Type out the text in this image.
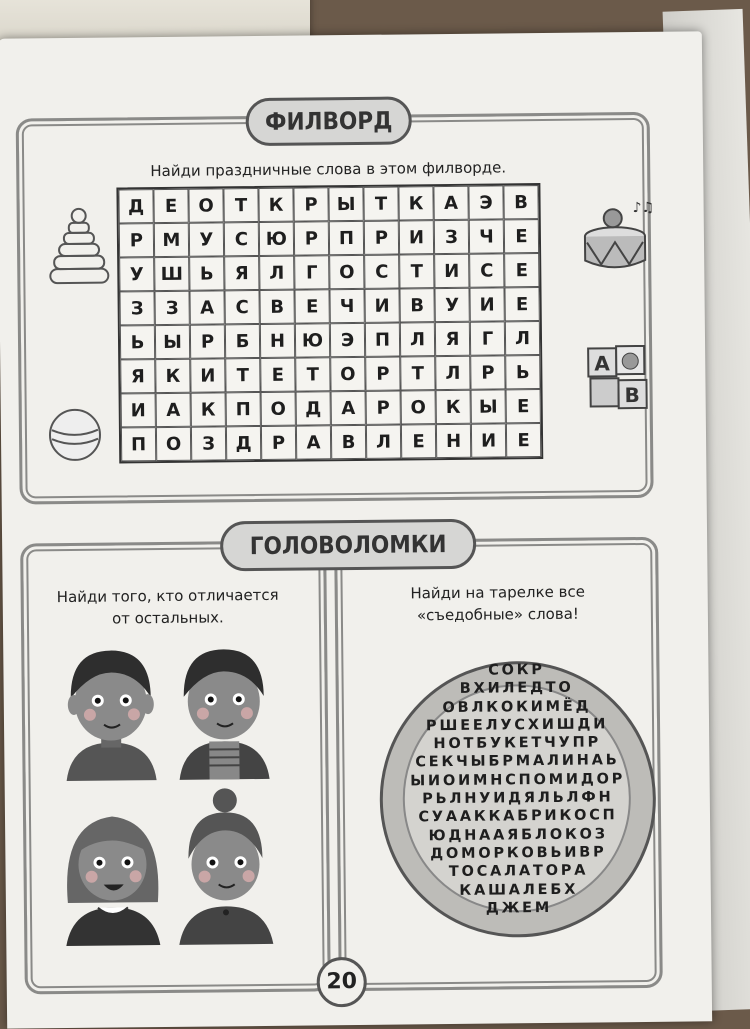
ФИЛВОРД
ГОЛОВОЛОМКИ
Найди праздничные слова в этом филворде.
Д	Е	О	Т	К	Р	Ы	Т	К	А	Э	В
Р	М	У	С Ю Р	П	Р	И	З	Ч	Е
У Ш Ь	Я	Л	Г	О	С	Т	И	С	Е
З	З	А	С	В	Е	Ч	И	В	У	И	Е
Ь	Ы	Р	Б	Н Ю Э	П	Л	Я	Г	Л
Я	К	И	Т	Е	Т	О	Р	Т	Л	Р	Ь
И	А	К	П	О	Д	А	Р	О	К	Ы	Е
П	О	З	Д	Р	А	В	Л	Е	Н	И	Е
♪♫
А
В
Найди того, кто отличается
от остальных.
Найди на тарелке все
«съедобные» слова!
СОКР
ВХИЛЕДТО
ОВЛКОКИМЁД
РШЕЕЛУСХИШДИ
НОТБУКЕТЧУПР
СЕКЧЫБРМАЛИНАЬ
ЫИОИМНСПОМИДОР
РЬЛНУИДЯЛЬЛФН
СУААККАБРИКОСП
ЮДНААЯБЛОКОЗ
ДОМОРКОВЬИВР
ТОСАЛАТОРА
КАШАЛЕБХ
ДЖЕМ
20
